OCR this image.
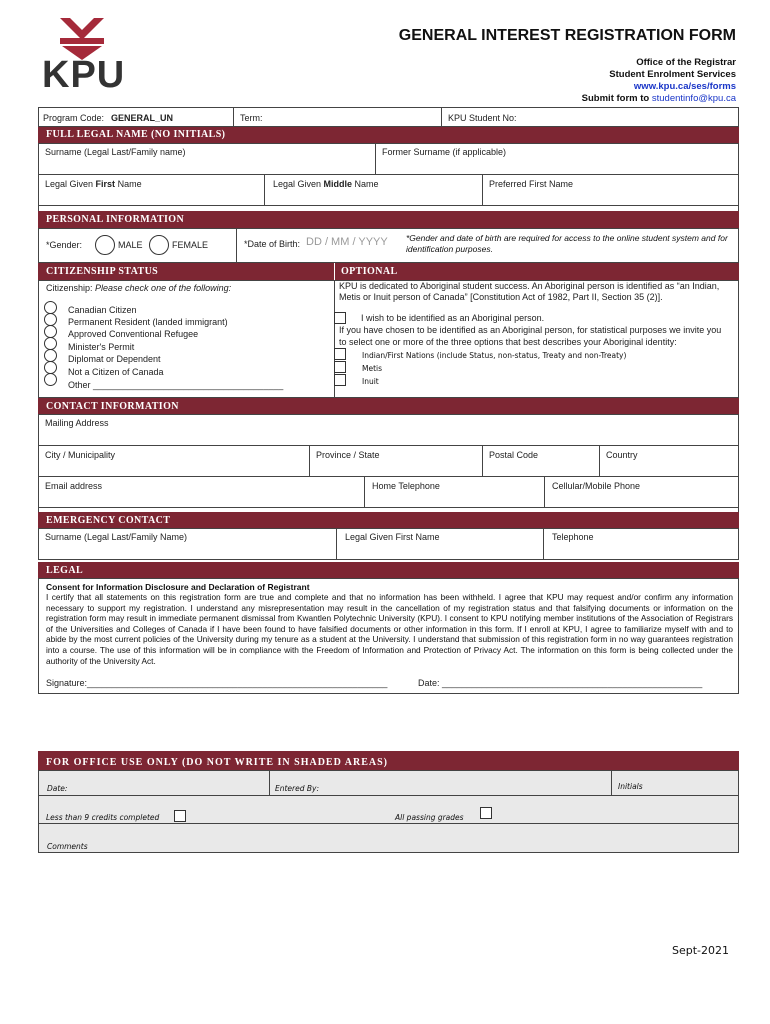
KPU
GENERAL INTEREST REGISTRATION FORM
Office of the Registrar
Student Enrolment Services
www.kpu.ca/ses/forms
Submit form to studentinfo@kpu.ca
Program Code: GENERAL_UN	Term:	KPU Student No:
FULL LEGAL NAME (NO INITIALS)
Surname (Legal Last/Family name)	Former Surname (if applicable)
Legal Given First Name	Legal Given Middle Name	Preferred First Name
PERSONAL INFORMATION
*Gender:	MALE	FEMALE	*Date of Birth: DD / MM / YYYY *Gender and date of birth are required for access to the online student system and for identification purposes.
CITIZENSHIP STATUS	OPTIONAL
Citizenship: Please check one of the following:
Canadian Citizen
Permanent Resident (landed immigrant)
Approved Conventional Refugee
Minister's Permit
Diplomat or Dependent
Not a Citizen of Canada
Other ______________________________________
KPU is dedicated to Aboriginal student success. An Aboriginal person is identified as “an Indian, Metis or Inuit person of Canada” [Constitution Act of 1982, Part II, Section 35 (2)].
I wish to be identified as an Aboriginal person.
If you have chosen to be identified as an Aboriginal person, for statistical purposes we invite you to select one or more of the three options that best describes your Aboriginal identity:
Indian/First Nations (include Status, non-status, Treaty and non-Treaty)
Metis
Inuit
CONTACT INFORMATION
Mailing Address
City / Municipality	Province / State	Postal Code	Country
Email address	Home Telephone	Cellular/Mobile Phone
EMERGENCY CONTACT
Surname (Legal Last/Family Name)	Legal Given First Name	Telephone
LEGAL
Consent for Information Disclosure and Declaration of Registrant
I certify that all statements on this registration form are true and complete and that no information has been withheld. I agree that KPU may request and/or confirm any information necessary to support my registration. I understand any misrepresentation may result in the cancellation of my registration status and that falsifying documents or information on the registration form may result in immediate permanent dismissal from Kwantlen Polytechnic University (KPU). I consent to KPU notifying member institutions of the Association of Registrars of the Universities and Colleges of Canada if I have been found to have falsified documents or other information in this form. If I enroll at KPU, I agree to familiarize myself with and to abide by the most current policies of the University during my tenure as a student at the University. I understand that submission of this registration form in no way guarantees registration into a course. The use of this information will be in compliance with the Freedom of Information and Protection of Privacy Act. The information on this form is being collected under the authority of the University Act.
Signature:____________________________________________________________	Date: ____________________________________________________
FOR OFFICE USE ONLY (DO NOT WRITE IN SHADED AREAS)
Date:	Entered By:	Initials
Less than 9 credits completed	All passing grades
Comments
Sept-2021
